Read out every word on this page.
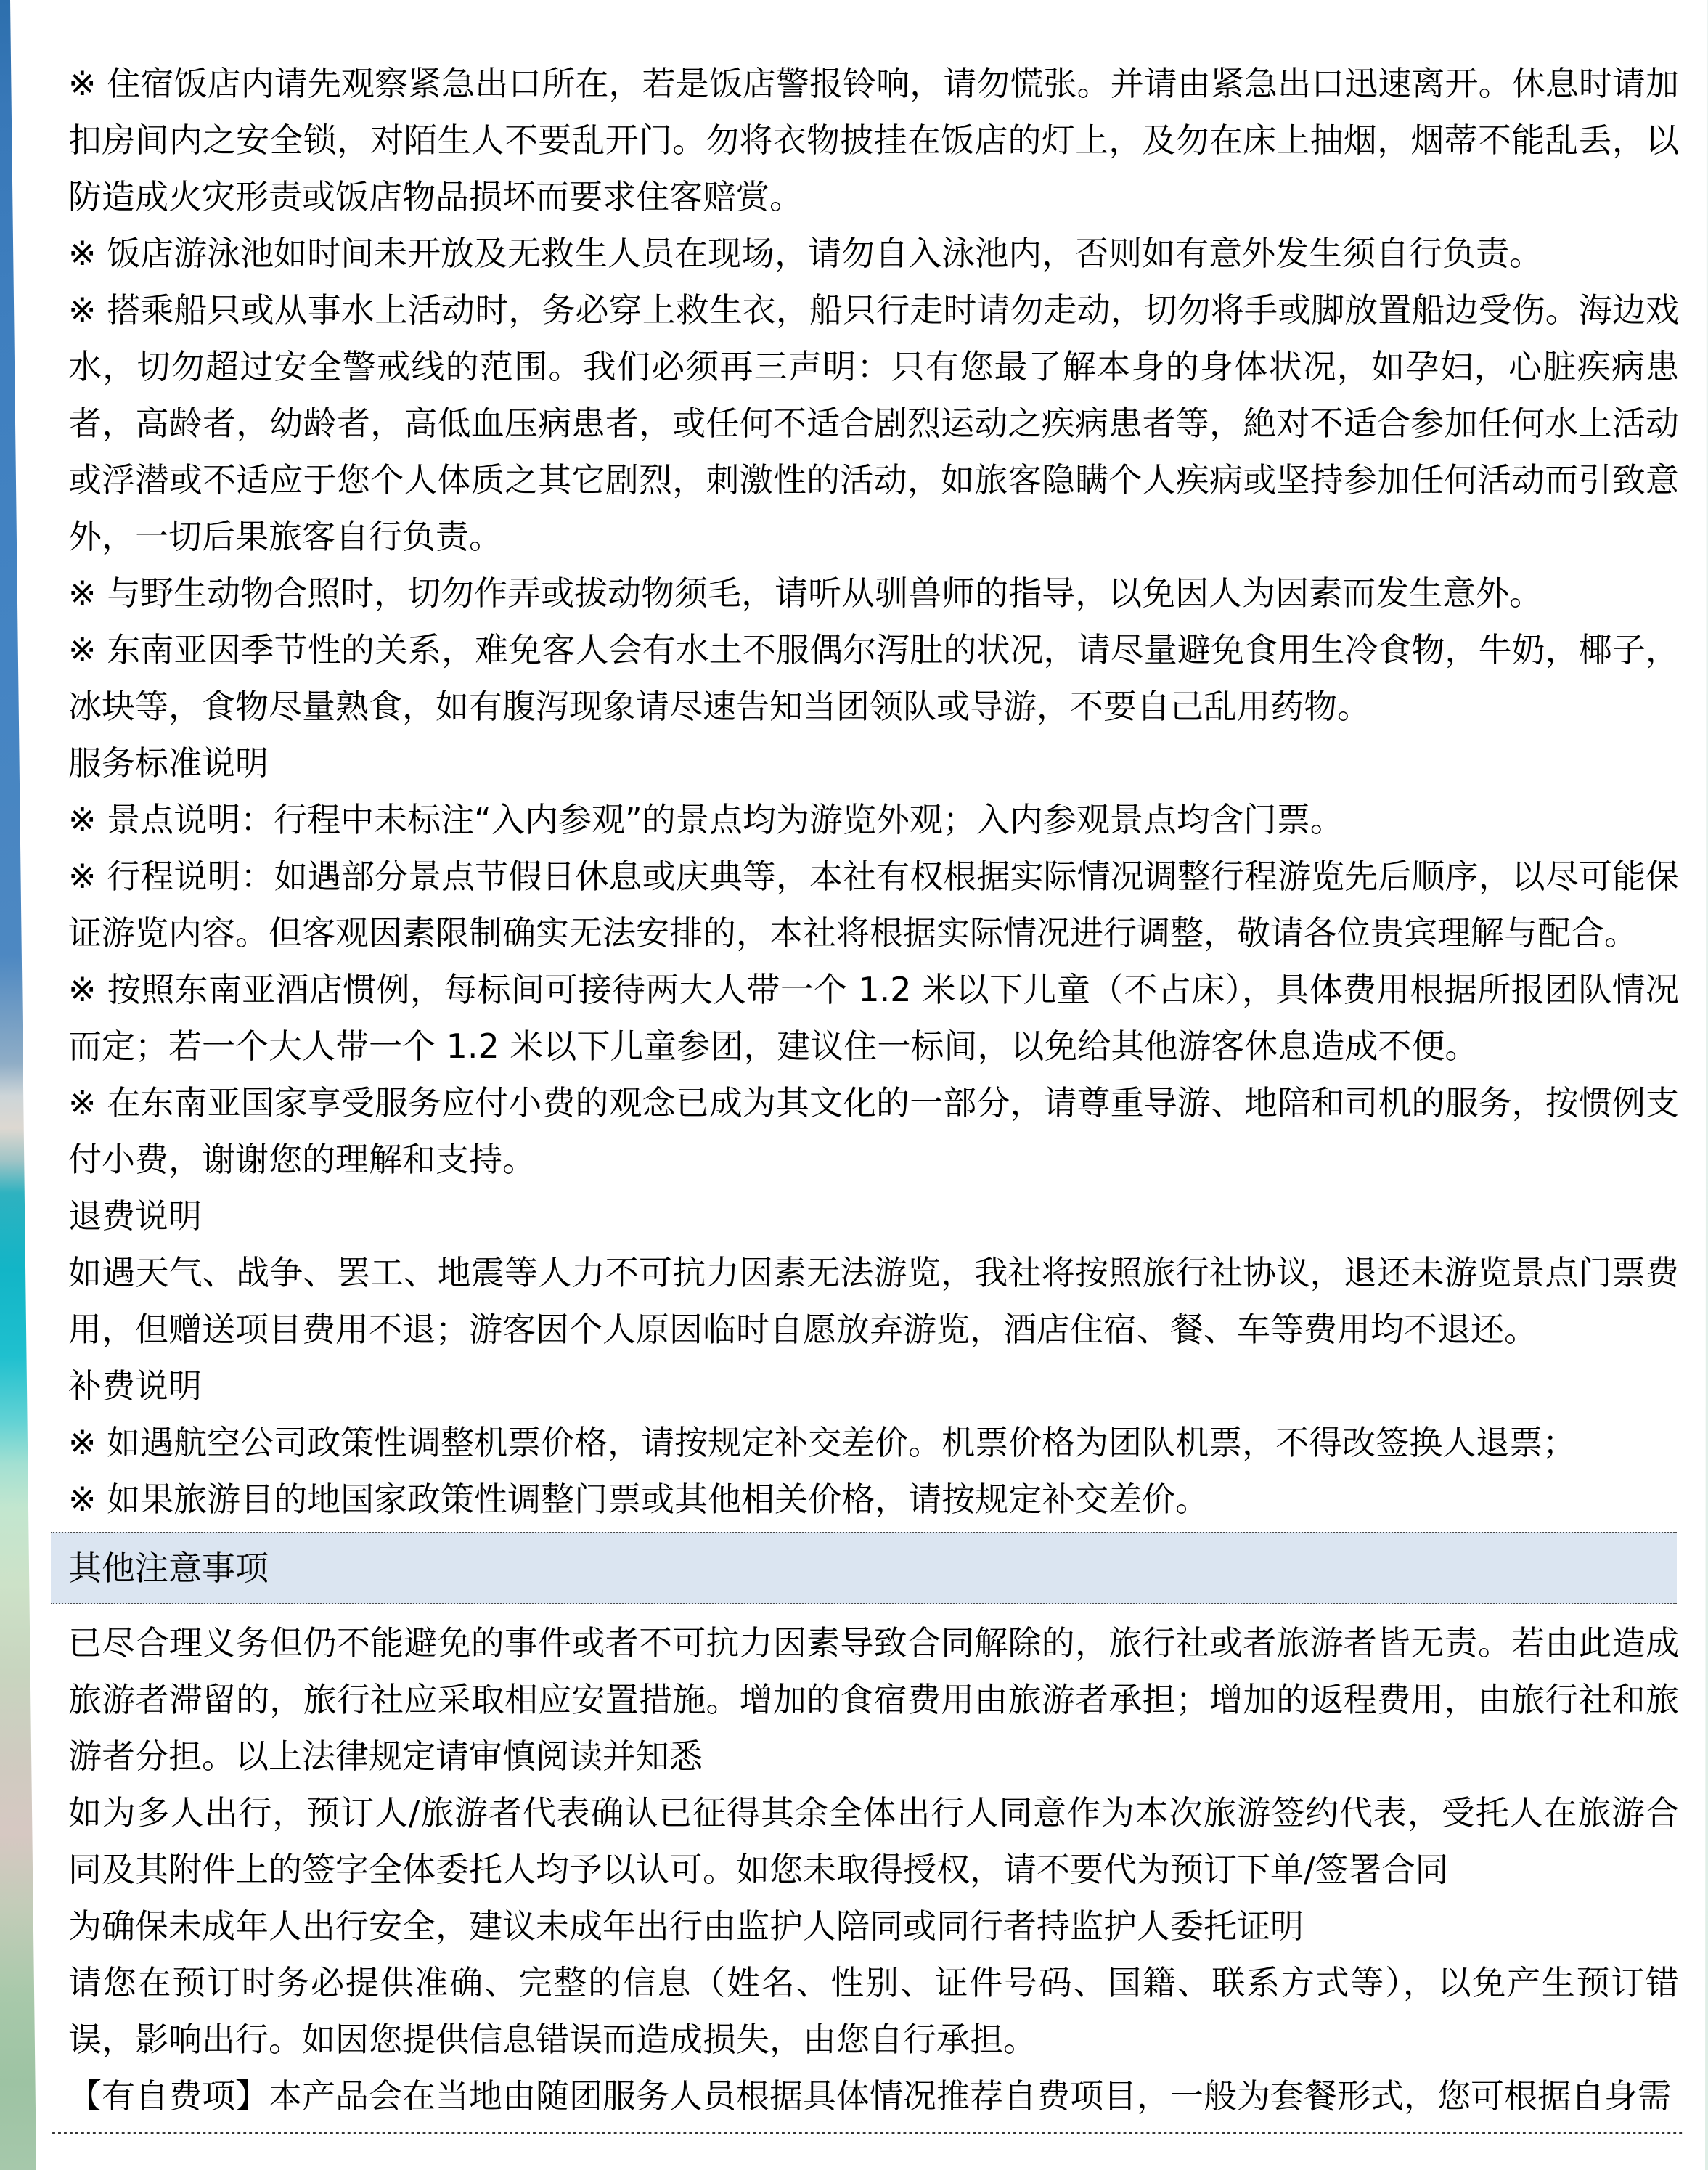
※ 住宿饭店内请先观察紧急出口所在，若是饭店警报铃响，请勿慌张。并请由紧急出口迅速离开。休息时请加扣房间内之安全锁，对陌生人不要乱开门。勿将衣物披挂在饭店的灯上，及勿在床上抽烟，烟蒂不能乱丢，以防造成火灾形责或饭店物品损坏而要求住客赔赏。

※ 饭店游泳池如时间未开放及无救生人员在现场，请勿自入泳池内，否则如有意外发生须自行负责。

※ 搭乘船只或从事水上活动时，务必穿上救生衣，船只行走时请勿走动，切勿将手或脚放置船边受伤。海边戏水，切勿超过安全警戒线的范围。我们必须再三声明：只有您最了解本身的身体状况，如孕妇，心脏疾病患者，高龄者，幼龄者，高低血压病患者，或任何不适合剧烈运动之疾病患者等，絶对不适合参加任何水上活动或浮潜或不适应于您个人体质之其它剧烈，刺激性的活动，如旅客隐瞒个人疾病或坚持参加任何活动而引致意外，一切后果旅客自行负责。

※ 与野生动物合照时，切勿作弄或拔动物须毛，请听从驯兽师的指导，以免因人为因素而发生意外。

※ 东南亚因季节性的关系，难免客人会有水土不服偶尔泻肚的状况，请尽量避免食用生冷食物，牛奶，椰子，冰块等，食物尽量熟食，如有腹泻现象请尽速告知当团领队或导游，不要自己乱用药物。

服务标准说明

※ 景点说明：行程中未标注“入内参观”的景点均为游览外观；入内参观景点均含门票。

※ 行程说明：如遇部分景点节假日休息或庆典等，本社有权根据实际情况调整行程游览先后顺序，以尽可能保证游览内容。但客观因素限制确实无法安排的，本社将根据实际情况进行调整，敬请各位贵宾理解与配合。

※ 按照东南亚酒店惯例，每标间可接待两大人带一个 1.2 米以下儿童（不占床），具体费用根据所报团队情况而定；若一个大人带一个 1.2 米以下儿童参团，建议住一标间，以免给其他游客休息造成不便。

※ 在东南亚国家享受服务应付小费的观念已成为其文化的一部分，请尊重导游、地陪和司机的服务，按惯例支付小费，谢谢您的理解和支持。

退费说明

如遇天气、战争、罢工、地震等人力不可抗力因素无法游览，我社将按照旅行社协议，退还未游览景点门票费用，但赠送项目费用不退；游客因个人原因临时自愿放弃游览，酒店住宿、餐、车等费用均不退还。

补费说明

※ 如遇航空公司政策性调整机票价格，请按规定补交差价。机票价格为团队机票，不得改签换人退票；

※ 如果旅游目的地国家政策性调整门票或其他相关价格，请按规定补交差价。

其他注意事项

已尽合理义务但仍不能避免的事件或者不可抗力因素导致合同解除的，旅行社或者旅游者皆无责。若由此造成旅游者滞留的，旅行社应采取相应安置措施。增加的食宿费用由旅游者承担；增加的返程费用，由旅行社和旅游者分担。以上法律规定请审慎阅读并知悉

如为多人出行，预订人/旅游者代表确认已征得其余全体出行人同意作为本次旅游签约代表，受托人在旅游合同及其附件上的签字全体委托人均予以认可。如您未取得授权，请不要代为预订下单/签署合同

为确保未成年人出行安全，建议未成年出行由监护人陪同或同行者持监护人委托证明

请您在预订时务必提供准确、完整的信息（姓名、性别、证件号码、国籍、联系方式等），以免产生预订错误，影响出行。如因您提供信息错误而造成损失，由您自行承担。

【有自费项】本产品会在当地由随团服务人员根据具体情况推荐自费项目，一般为套餐形式，您可根据自身需
